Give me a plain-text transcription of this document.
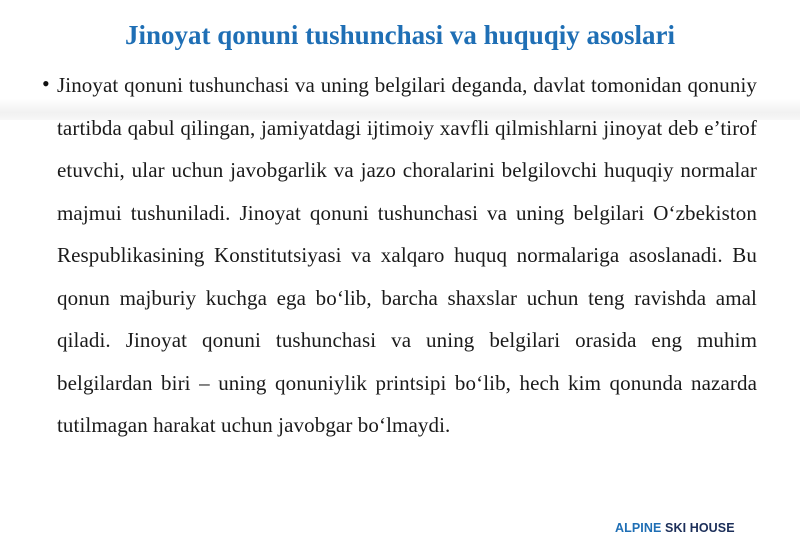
Jinoyat qonuni tushunchasi va huquqiy asoslari
• Jinoyat qonuni tushunchasi va uning belgilari deganda, davlat tomonidan qonuniy tartibda qabul qilingan, jamiyatdagi ijtimoiy xavfli qilmishlarni jinoyat deb e’tirof etuvchi, ular uchun javobgarlik va jazo choralarini belgilovchi huquqiy normalar majmui tushuniladi. Jinoyat qonuni tushunchasi va uning belgilari O‘zbekiston Respublikasining Konstitutsiyasi va xalqaro huquq normalariga asoslanadi. Bu qonun majburiy kuchga ega bo‘lib, barcha shaxslar uchun teng ravishda amal qiladi. Jinoyat qonuni tushunchasi va uning belgilari orasida eng muhim belgilardan biri – uning qonuniylik printsipi bo‘lib, hech kim qonunda nazarda tutilmagan harakat uchun javobgar bo‘lmaydi.

ALPINE SKI HOUSE
